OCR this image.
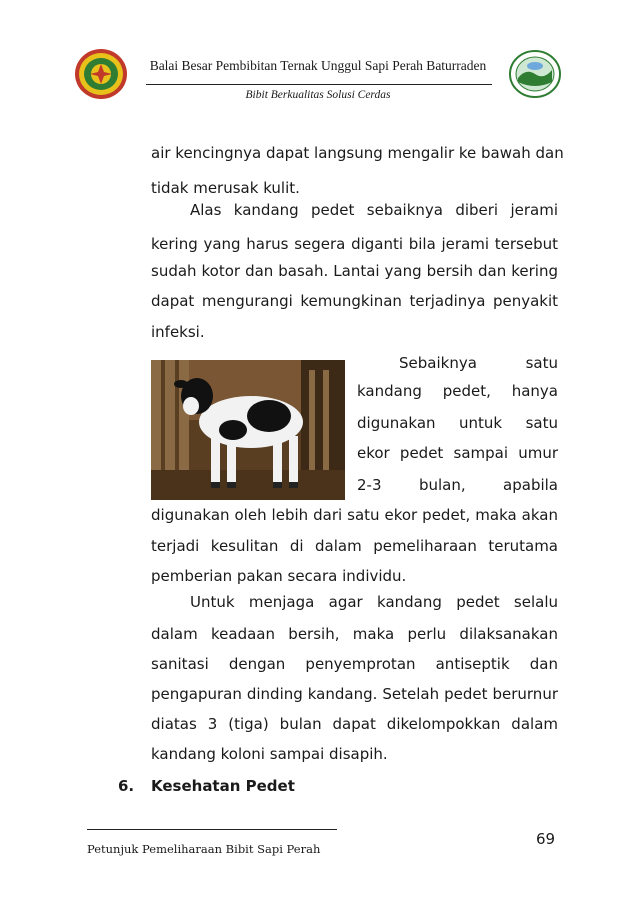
Balai Besar Pembibitan Ternak Unggul Sapi Perah Baturraden
Bibit Berkualitas Solusi Cerdas
air kencingnya dapat langsung mengalir ke bawah dan
tidak merusak kulit.
Alas kandang pedet sebaiknya diberi jerami
kering yang harus segera diganti bila jerami tersebut
sudah kotor dan basah. Lantai yang bersih dan kering
dapat mengurangi kemungkinan terjadinya penyakit
infeksi.
Sebaiknya satu
kandang pedet, hanya
digunakan untuk satu
ekor pedet sampai umur
2-3 bulan, apabila
digunakan oleh lebih dari satu ekor pedet, maka akan
terjadi kesulitan di dalam pemeliharaan terutama
pemberian pakan secara individu.
Untuk menjaga agar kandang pedet selalu
dalam keadaan bersih, maka perlu dilaksanakan
sanitasi dengan penyemprotan antiseptik dan
pengapuran dinding kandang. Setelah pedet berurnur
diatas 3 (tiga) bulan dapat dikelompokkan dalam
kandang koloni sampai disapih.
6. Kesehatan Pedet
Petunjuk Pemeliharaan Bibit Sapi Perah
69
